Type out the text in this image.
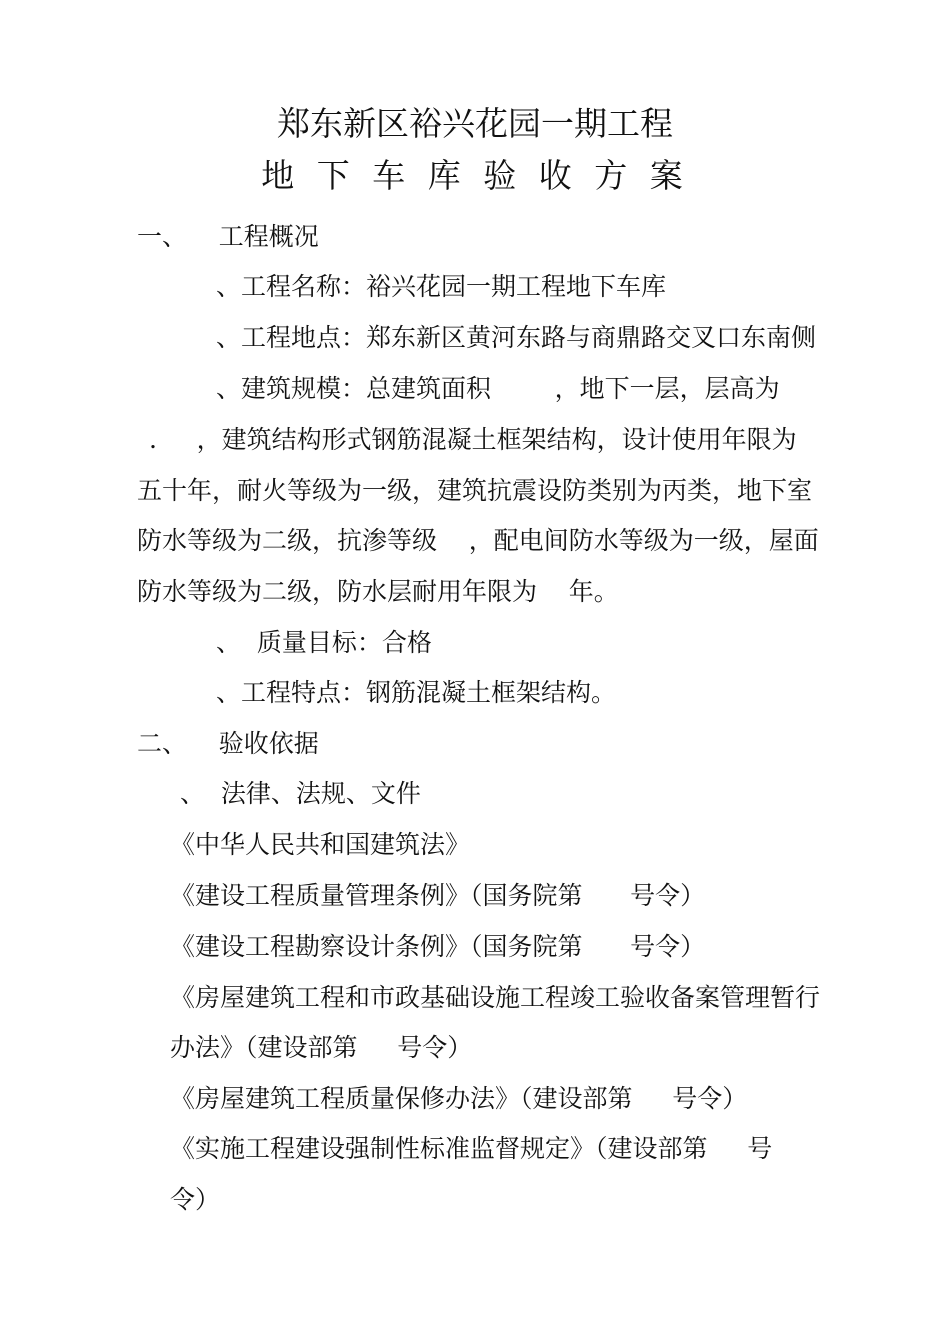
郑东新区裕兴花园一期工程
地 下 车 库 验 收 方 案
一、    工程概况
、工程名称：裕兴花园一期工程地下车库
、工程地点：郑东新区黄河东路与商鼎路交叉口东南侧
、建筑规模：总建筑面积        ，地下一层，层高为
.     ，建筑结构形式钢筋混凝土框架结构，设计使用年限为
五十年，耐火等级为一级，建筑抗震设防类别为丙类，地下室
防水等级为二级，抗渗等级    ，配电间防水等级为一级，屋面
防水等级为二级，防水层耐用年限为    年。
、  质量目标：合格
、工程特点：钢筋混凝土框架结构。
二、    验收依据
、  法律、法规、文件
《中华人民共和国建筑法》
《建设工程质量管理条例》（国务院第      号令）
《建设工程勘察设计条例》（国务院第      号令）
《房屋建筑工程和市政基础设施工程竣工验收备案管理暂行
办法》（建设部第     号令）
《房屋建筑工程质量保修办法》（建设部第     号令）
《实施工程建设强制性标准监督规定》（建设部第     号
令）
